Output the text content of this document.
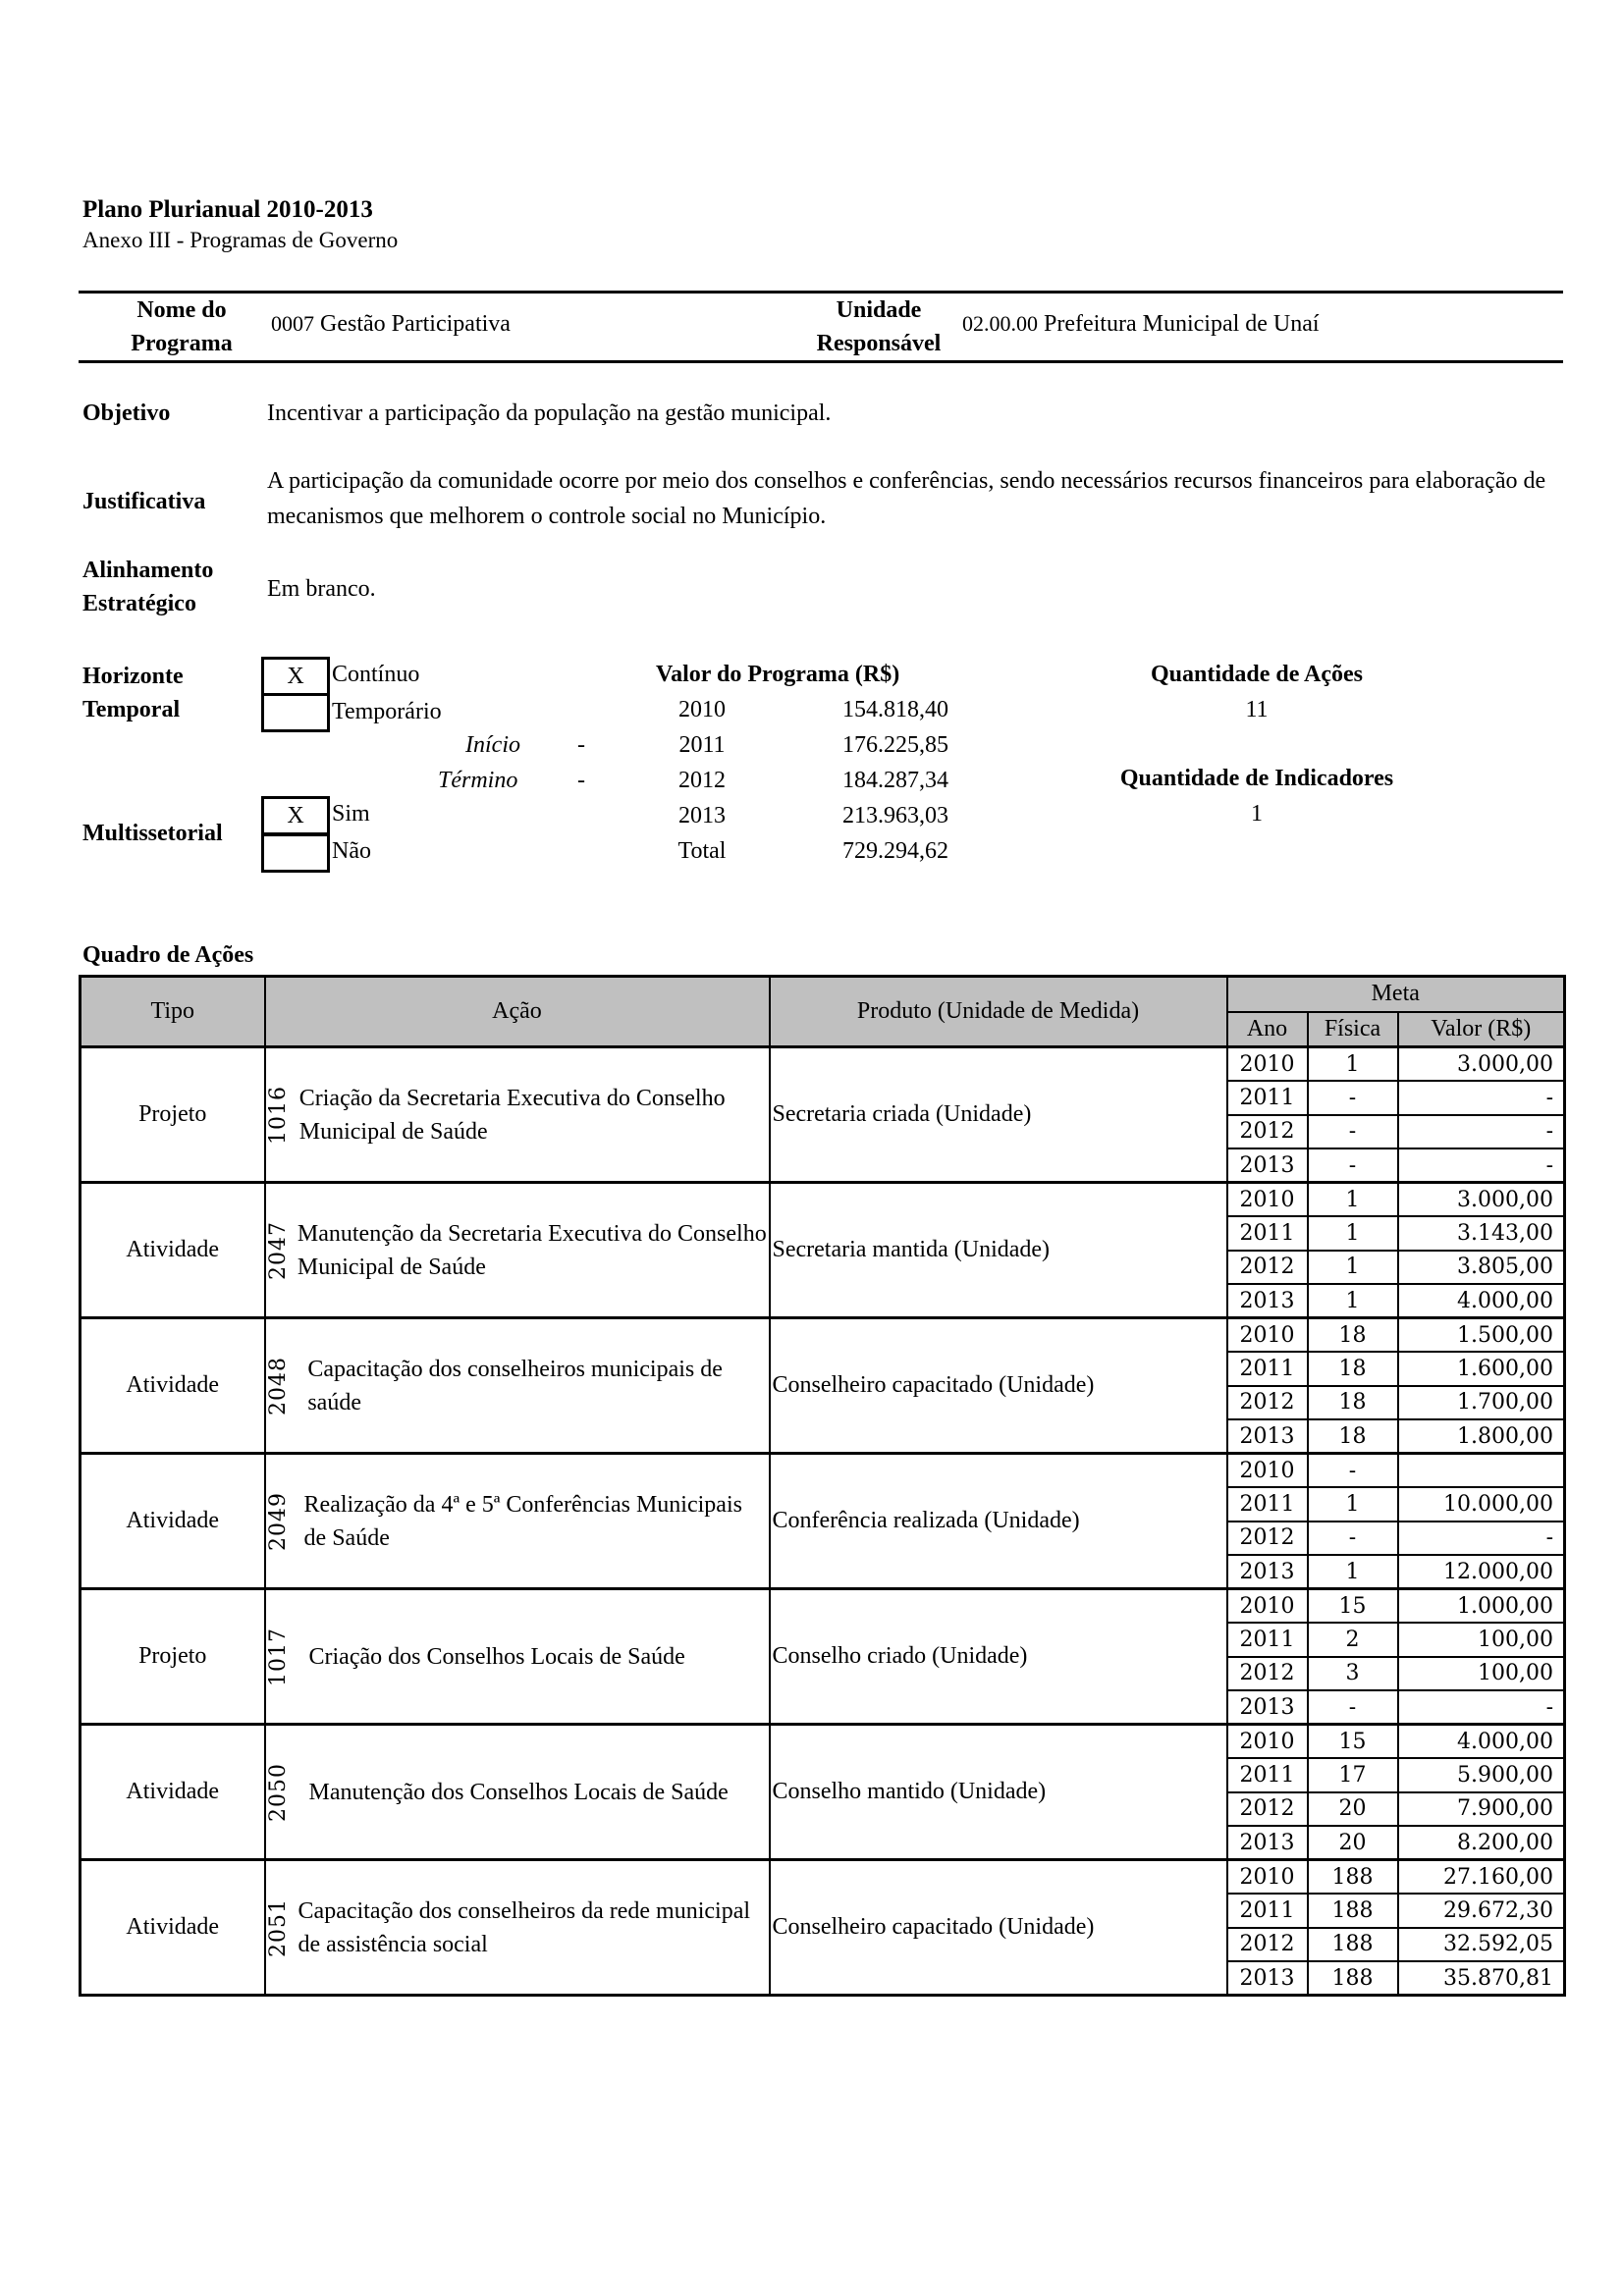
Plano Plurianual 2010-2013
Anexo III - Programas de Governo
Nome do
Programa
0007 Gestão Participativa
Unidade
Responsável
02.00.00 Prefeitura Municipal de Unaí
Objetivo	Incentivar a participação da população na gestão municipal.
Justificativa
A participação da comunidade ocorre por meio dos conselhos e conferências, sendo necessários recursos financeiros para elaboração de mecanismos que melhorem o controle social no Município.
Alinhamento
Estratégico
Em branco.
Horizonte
Temporal
X	Contínuo
Temporário
Início -
Término	-
Multissetorial
X	Sim
Não
Valor do Programa (R$)
2010	154.818,40
2011	176.225,85
2012	184.287,34
2013	213.963,03
Total	729.294,62
Quantidade de Ações
11
Quantidade de Indicadores
1
Quadro de Ações
Tipo	Ação	Produto (Unidade de Medida)	Meta		
			Ano	Física	Valor (R$)
Projeto	1016 Criação da Secretaria Executiva do Conselho Municipal de Saúde	Secretaria criada (Unidade)	2010	1	3.000,00
			2011	-	-
			2012	-	-
			2013	-	-
Atividade	2047 Manutenção da Secretaria Executiva do Conselho Municipal de Saúde	Secretaria mantida (Unidade)	2010	1	3.000,00
			2011	1	3.143,00
			2012	1	3.805,00
			2013	1	4.000,00
Atividade	2048 Capacitação dos conselheiros municipais de saúde	Conselheiro capacitado (Unidade)	2010	18	1.500,00
			2011	18	1.600,00
			2012	18	1.700,00
			2013	18	1.800,00
Atividade	2049 Realização da 4ª e 5ª Conferências Municipais de Saúde	Conferência realizada (Unidade)	2010	-	
			2011	1	10.000,00
			2012	-	-
			2013	1	12.000,00
Projeto	1017 Criação dos Conselhos Locais de Saúde	Conselho criado (Unidade)	2010	15	1.000,00
			2011	2	100,00
			2012	3	100,00
			2013	-	-
Atividade	2050 Manutenção dos Conselhos Locais de Saúde	Conselho mantido (Unidade)	2010	15	4.000,00
			2011	17	5.900,00
			2012	20	7.900,00
			2013	20	8.200,00
Atividade	2051 Capacitação dos conselheiros da rede municipal de assistência social	Conselheiro capacitado (Unidade)	2010	188	27.160,00
			2011	188	29.672,30
			2012	188	32.592,05
			2013	188	35.870,81
